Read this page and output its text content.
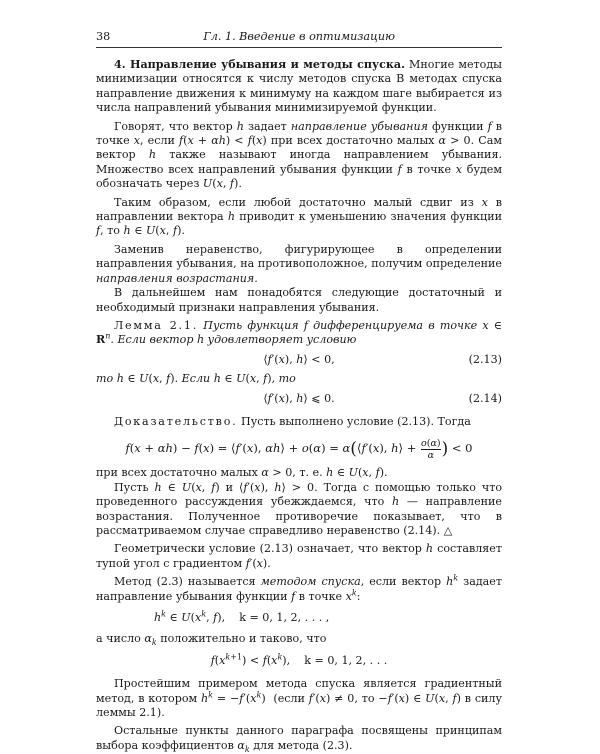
38	Гл. 1. Введение в оптимизацию

4. Направление убывания и методы спуска. Многие методы минимизации относятся к числу методов спуска В методах спуска направление движения к минимуму на каждом шаге выбирается из числа направлений убывания минимизируемой функции.

Говорят, что вектор h задает направление убывания функции f в точке x, если f(x + αh) < f(x) при всех достаточно малых α > 0. Сам вектор h также называют иногда направлением убывания. Множество всех направлений убывания функции f в точке x будем обозначать через U(x, f).

Таким образом, если любой достаточно малый сдвиг из x в направлении вектора h приводит к уменьшению значения функции f, то h ∈ U(x, f).

Заменив неравенство, фигурирующее в определении направления убывания, на противоположное, получим определение направления возрастания.

В дальнейшем нам понадобятся следующие достаточный и необходимый признаки направления убывания.

Лемма 2.1. Пусть функция f дифференцируема в точке x ∈ $R^n$. Если вектор h удовлетворяет условию

⟨f′(x), h⟩ < 0,	(2.13)

то h ∈ U(x, f). Если h ∈ U(x, f), то

⟨f′(x), h⟩ ⩽ 0.	(2.14)

Доказательство. Пусть выполнено условие (2.13). Тогда

f(x + αh) − f(x) = ⟨f′(x), αh⟩ + o(α) = α(⟨f′(x), h⟩ + $\frac{o(\alpha)}{\alpha}$ ) < 0

при всех достаточно малых α > 0, т. е. h ∈ U(x, f).

Пусть h ∈ U(x, f) и ⟨f′(x), h⟩ > 0. Тогда с помощью только что проведенного рассуждения убежждаемся, что h — направление возрастания. Полученное противоречие показывает, что в рассматриваемом случае справедливо неравенство (2.14). △

Геометрически условие (2.13) означает, что вектор h составляет тупой угол с градиентом f′(x).

Метод (2.3) называется методом спуска, если вектор $h^k$ задает направление убывания функции f в точке $x^k$:

$h^k$ ∈ $U(x^k$, f),    k = 0, 1, 2, . . . ,

а число $\alpha_k$ положительно и таково, что

$f(x^{k+1}) < f(x^k)$,    k = 0, 1, 2, . . .

Простейшим примером метода спуска является градиентный метод, в котором $h^k = -f'(x^k)$  (если f′(x) ≠ 0, то −f′(x) ∈ U(x, f) в силу леммы 2.1).

Остальные пункты данного параграфа посвящены принципам выбора коэффициентов $\alpha_k$ для метода (2.3).
